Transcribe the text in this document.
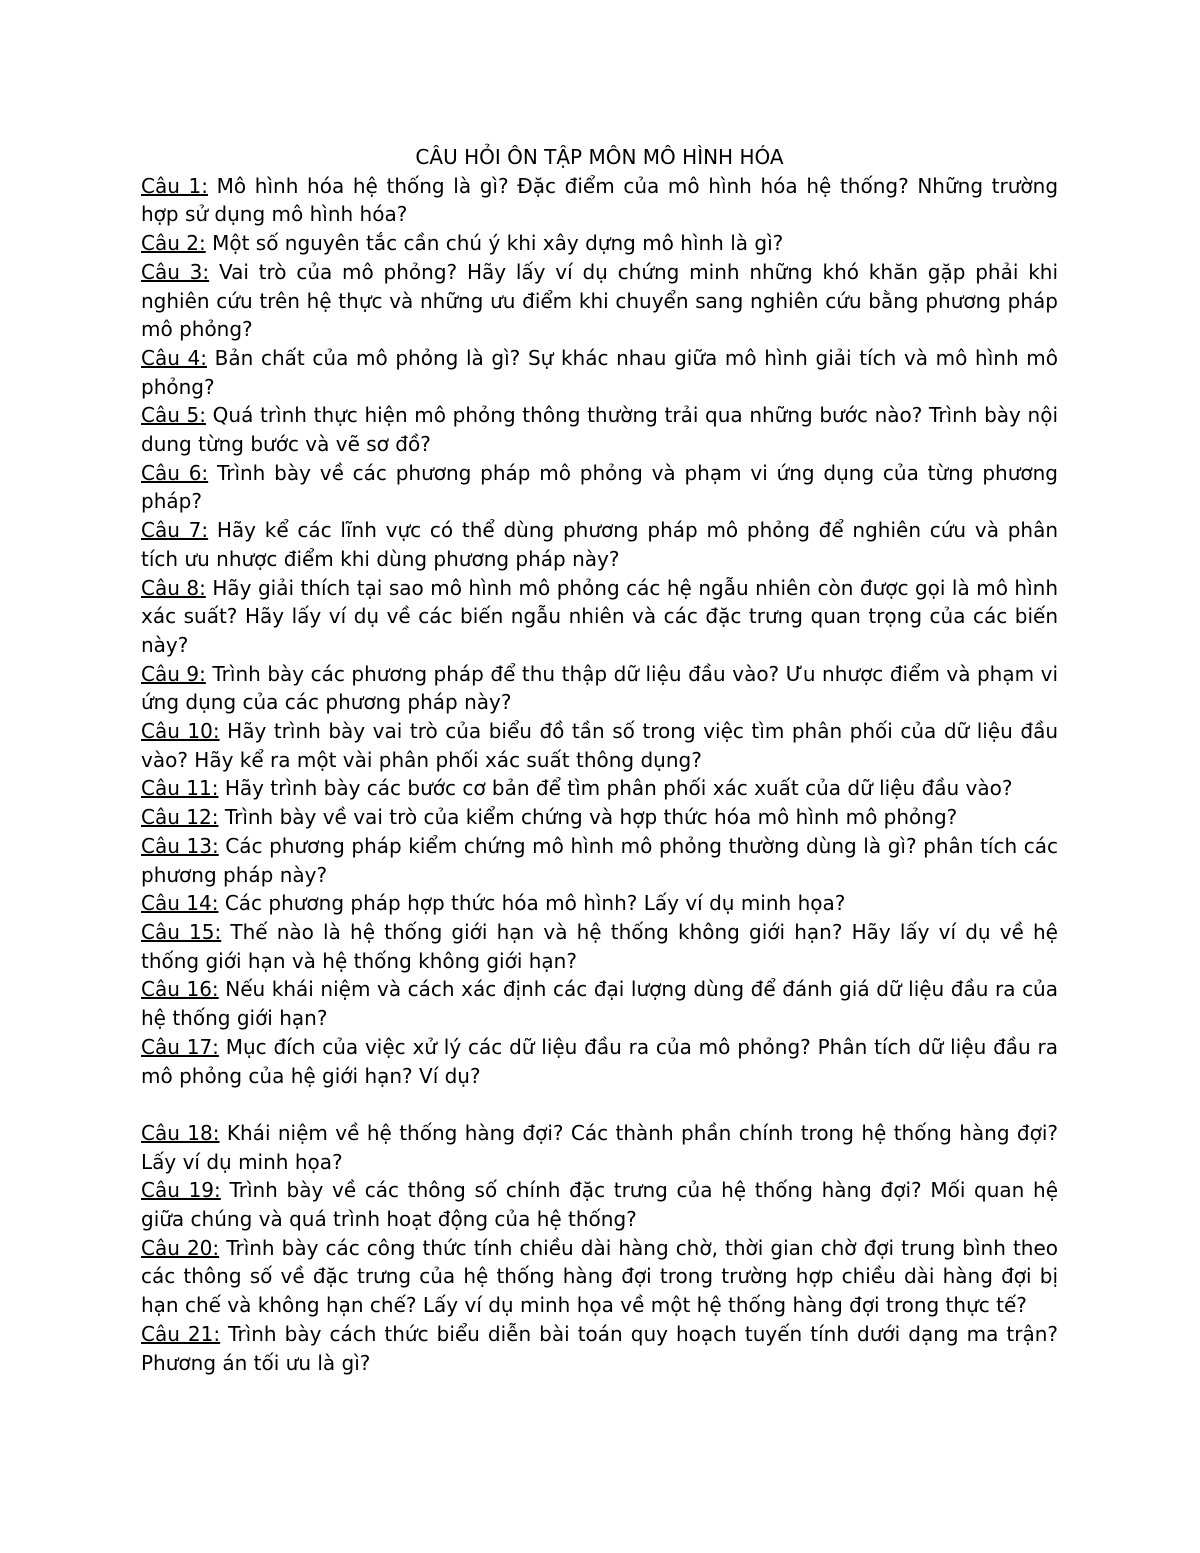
CÂU HỎI ÔN TẬP MÔN MÔ HÌNH HÓA

Câu 1: Mô hình hóa hệ thống là gì? Đặc điểm của mô hình hóa hệ thống? Những trường hợp sử dụng mô hình hóa?

Câu 2: Một số nguyên tắc cần chú ý khi xây dựng mô hình là gì?

Câu 3: Vai trò của mô phỏng? Hãy lấy ví dụ chứng minh những khó khăn gặp phải khi nghiên cứu trên hệ thực và những ưu điểm khi chuyển sang nghiên cứu bằng phương pháp mô phỏng?

Câu 4: Bản chất của mô phỏng là gì? Sự khác nhau giữa mô hình giải tích và mô hình mô phỏng?

Câu 5: Quá trình thực hiện mô phỏng thông thường trải qua những bước nào? Trình bày nội dung từng bước và vẽ sơ đồ?

Câu 6: Trình bày về các phương pháp mô phỏng và phạm vi ứng dụng của từng phương pháp?

Câu 7: Hãy kể các lĩnh vực có thể dùng phương pháp mô phỏng để nghiên cứu và phân tích ưu nhược điểm khi dùng phương pháp này?

Câu 8: Hãy giải thích tại sao mô hình mô phỏng các hệ ngẫu nhiên còn được gọi là mô hình xác suất? Hãy lấy ví dụ về các biến ngẫu nhiên và các đặc trưng quan trọng của các biến này?

Câu 9: Trình bày các phương pháp để thu thập dữ liệu đầu vào? Ưu nhược điểm và phạm vi ứng dụng của các phương pháp này?

Câu 10: Hãy trình bày vai trò của biểu đồ tần số trong việc tìm phân phối của dữ liệu đầu vào? Hãy kể ra một vài phân phối xác suất thông dụng?

Câu 11: Hãy trình bày các bước cơ bản để tìm phân phối xác xuất của dữ liệu đầu vào?

Câu 12: Trình bày về vai trò của kiểm chứng và hợp thức hóa mô hình mô phỏng?

Câu 13: Các phương pháp kiểm chứng mô hình mô phỏng thường dùng là gì? phân tích các phương pháp này?

Câu 14: Các phương pháp hợp thức hóa mô hình? Lấy ví dụ minh họa?

Câu 15: Thế nào là hệ thống giới hạn và hệ thống không giới hạn? Hãy lấy ví dụ về hệ thống giới hạn và hệ thống không giới hạn?

Câu 16: Nếu khái niệm và cách xác định các đại lượng dùng để đánh giá dữ liệu đầu ra của hệ thống giới hạn?

Câu 17: Mục đích của việc xử lý các dữ liệu đầu ra của mô phỏng? Phân tích dữ liệu đầu ra mô phỏng của hệ giới hạn? Ví dụ?

Câu 18: Khái niệm về hệ thống hàng đợi? Các thành phần chính trong hệ thống hàng đợi? Lấy ví dụ minh họa?

Câu 19: Trình bày về các thông số chính đặc trưng của hệ thống hàng đợi? Mối quan hệ giữa chúng và quá trình hoạt động của hệ thống?

Câu 20: Trình bày các công thức tính chiều dài hàng chờ, thời gian chờ đợi trung bình theo các thông số về đặc trưng của hệ thống hàng đợi trong trường hợp chiều dài hàng đợi bị hạn chế và không hạn chế? Lấy ví dụ minh họa về một hệ thống hàng đợi trong thực tế?

Câu 21: Trình bày cách thức biểu diễn bài toán quy hoạch tuyến tính dưới dạng ma trận? Phương án tối ưu là gì?
